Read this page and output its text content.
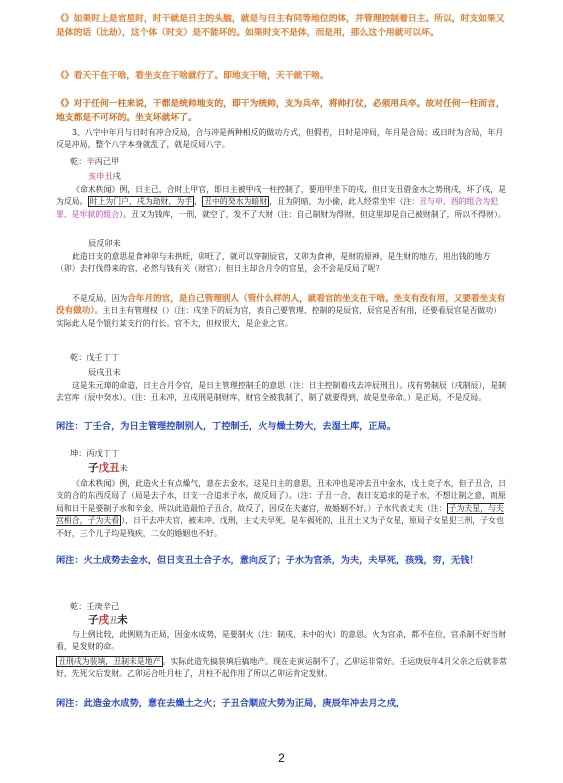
《》如果时上是官星时，时干就是日主的头脑，就是与日主有同等地位的体，并管理控制着日主。所以，时支如果又是体的话（比劫），这个体（时支）是不能坏的。如果时支不是体，而是用，那么这个用就可以坏。

《》看天干在干啥，看坐支在干啥就行了。即地支干啥，天干就干啥。

《》对于任何一柱来说，干都是统帅地支的，即干为统帅，支为兵卒，将帅打仗，必须用兵卒。故对任何一柱而言，地支都是不可坏的。坐支坏就坏了。

3、八字中年月与日时有冲合反局，合与冲是两种相反的做功方式，但假若，日时是冲局，年月是合局；或日时为合局，年月反是冲局，整个八字本身就乱了，就是反局八字。

乾：辛丙己甲
亥申丑戌

《命术秩闻》例，日主己，合时上甲官，即日主被甲戌一柱控制了，要用甲坐下的戌，但日支丑借金水之势刑戌，坏了戌，是为反局。 时上为门户，戌为劫财，为手 ， 丑中的癸水为暗财 ，且为阴暗，为小偷，此人经常坐牢（注：丑与申、酉的组合为犯罪、是牢狱的组合）。丑又为钱库，一刑，就空了，发不了大财（注：自己制财为得财，但这里却是自己被财制了，所以不得财）。

辰反卯未

此造日支的意思是食神卯与未拱旺，卯旺了，就可以穿制辰官，又卯为食神，是财的原神，是生财的地方，用出钱的地方（卯）去打伐得来的官，必然与钱有关（财官）；但日主却合月令的官星，会不会是反局了呢？

不是反局，因为合年月的官，是自己管理别人（管什么样的人，就看官的坐支在干啥。坐支有没有用，又要看坐支有没有做功）。主日主有管理权（）（注：戌坐下的辰为官，表自己要管理、控制的是辰官，辰官是否有用，还要看辰官是否做功）实际此人是个银行某支行的行长。官不大，但权很大，是企业之官。

乾：戊壬丁丁
辰戌丑未

这是朱元璋的命造，日主合月令官，是日主管理控制壬的意思（注：日主控制着戌去冲辰刑丑）。戌有势制辰（戌制辰），是制去官库（辰中癸水）。（注：丑未冲，丑戌刑是制财库，财官全被我制了，制了就要得到，故是皇帝命。）是正局，不是反局。

闲注：丁壬合，为日主管理控制别人，丁控制壬，火与燥土势大，去湿土库，正局。

坤：丙戊丁丁
子戊丑未

《命术秩闻》例，此造火土有点燥气，意在去金水，这是日主的意思，丑未冲也是冲去丑中金水，戊土克子水，但子丑合，日支的合的东西反局了（局是去子水，日支一合追求子水，故反局了）。（注：子丑一合，表日支追求的是子水，不想让制之意，而原局和日干是要制子水和辛金，所以此造最怕子丑合，故反了，因反在夫妻宫，故婚姻不好。）子水代表丈夫（注： 子为夫星，与夫宫相合，子为夫看 ），日干去冲夫官，被未冲、戊刑，主丈夫早死，是车祸死的，且丑土又为子女星，原局子女星犯三刑，子女也不好，三个儿子均是残疾，二女的婚姻也不好。

闲注：火土成势去金水，但日支丑土合子水，意向反了；子水为官杀，为夫，夫早死，孩残，穷，无钱！

乾：壬庚辛己
子戌丑未

与上例比较，此例则为正局，因金水成势，是要制火（注：制戌、未中的火）的意思。火为官杀，都不在位，官杀制不好当财看，是发财的命。

丑刑戌为装填，丑制未是地产 。实际此造先搞装填后搞地产。现在走寅运制不了，乙卯运非常好。壬运庚辰年4月父亲之后就非常好，先死父后发财。乙卯运合吐月柱了，月柱不起作用了所以乙卯运肯定发财。

闲注：此造金水成势，意在去燥土之火；子丑合顺应大势为正局，庚辰年冲去月之戍，

2
